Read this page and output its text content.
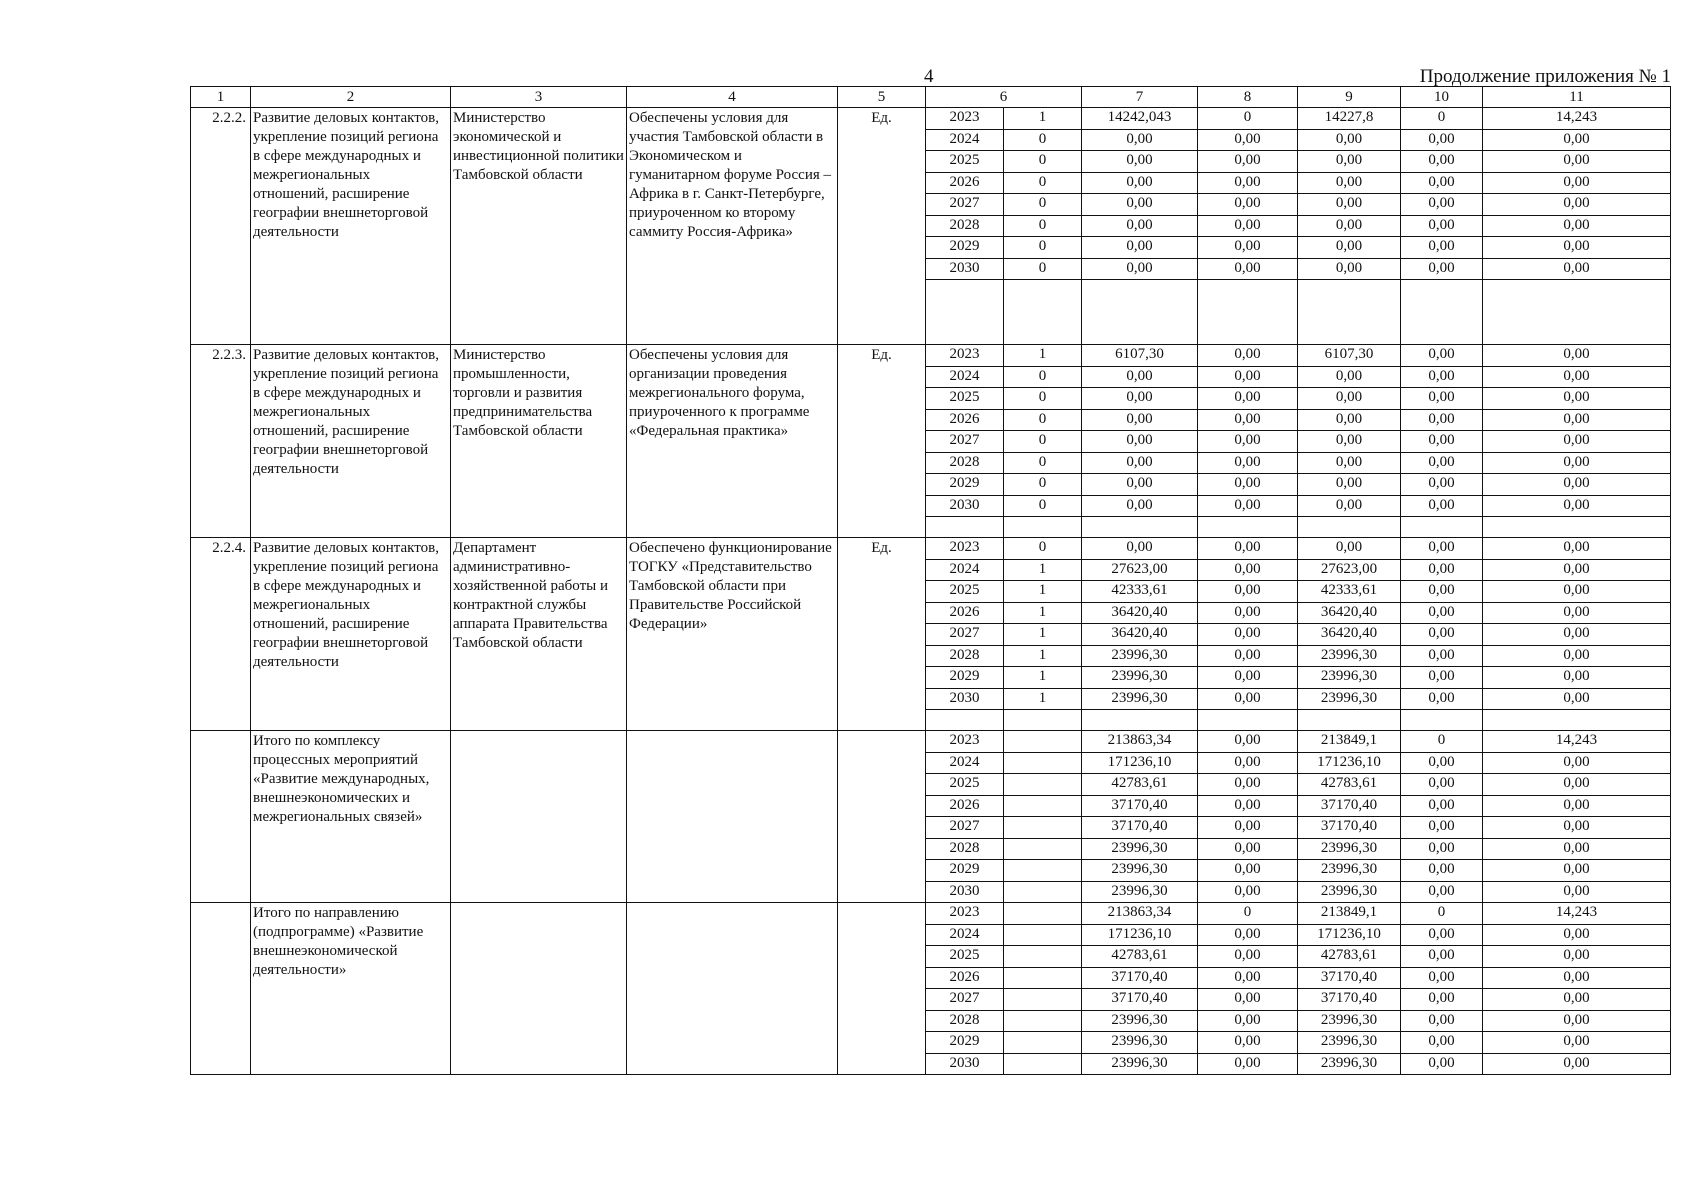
4	Продолжение приложения № 1
1	2	3	4	5	6		7	8	9	10	11
2.2.2.	Развитие деловых контактов, укрепление позиций региона в сфере международных и межрегиональных отношений, расширение географии внешнеторговой деятельности	Министерство экономической и инвестиционной политики Тамбовской области	Обеспечены условия для участия Тамбовской области в Экономическом и гуманитарном форуме Россия – Африка в г. Санкт-Петербурге, приуроченном ко второму саммиту Россия-Африка»	Ед.	2023	1	14242,043	0	14227,8	0	14,243
					2024	0	0,00	0,00	0,00	0,00	0,00
					2025	0	0,00	0,00	0,00	0,00	0,00
					2026	0	0,00	0,00	0,00	0,00	0,00
					2027	0	0,00	0,00	0,00	0,00	0,00
					2028	0	0,00	0,00	0,00	0,00	0,00
					2029	0	0,00	0,00	0,00	0,00	0,00
					2030	0	0,00	0,00	0,00	0,00	0,00

2.2.3.	Развитие деловых контактов, укрепление позиций региона в сфере международных и межрегиональных отношений, расширение географии внешнеторговой деятельности	Министерство промышленности, торговли и развития предпринимательства Тамбовской области	Обеспечены условия для организации проведения межрегионального форума, приуроченного к программе «Федеральная практика»	Ед.	2023	1	6107,30	0,00	6107,30	0,00	0,00
					2024	0	0,00	0,00	0,00	0,00	0,00
					2025	0	0,00	0,00	0,00	0,00	0,00
					2026	0	0,00	0,00	0,00	0,00	0,00
					2027	0	0,00	0,00	0,00	0,00	0,00
					2028	0	0,00	0,00	0,00	0,00	0,00
					2029	0	0,00	0,00	0,00	0,00	0,00
					2030	0	0,00	0,00	0,00	0,00	0,00

2.2.4.	Развитие деловых контактов, укрепление позиций региона в сфере международных и межрегиональных отношений, расширение географии внешнеторговой деятельности	Департамент административно-хозяйственной работы и контрактной службы аппарата Правительства Тамбовской области	Обеспечено функционирование ТОГКУ «Представительство Тамбовской области при Правительстве Российской Федерации»	Ед.	2023	0	0,00	0,00	0,00	0,00	0,00
					2024	1	27623,00	0,00	27623,00	0,00	0,00
					2025	1	42333,61	0,00	42333,61	0,00	0,00
					2026	1	36420,40	0,00	36420,40	0,00	0,00
					2027	1	36420,40	0,00	36420,40	0,00	0,00
					2028	1	23996,30	0,00	23996,30	0,00	0,00
					2029	1	23996,30	0,00	23996,30	0,00	0,00
					2030	1	23996,30	0,00	23996,30	0,00	0,00

	Итого по комплексу процессных мероприятий «Развитие международных, внешнеэкономических и межрегиональных связей»				2023		213863,34	0,00	213849,1	0	14,243
					2024		171236,10	0,00	171236,10	0,00	0,00
					2025		42783,61	0,00	42783,61	0,00	0,00
					2026		37170,40	0,00	37170,40	0,00	0,00
					2027		37170,40	0,00	37170,40	0,00	0,00
					2028		23996,30	0,00	23996,30	0,00	0,00
					2029		23996,30	0,00	23996,30	0,00	0,00
					2030		23996,30	0,00	23996,30	0,00	0,00
	Итого по направлению (подпрограмме) «Развитие внешнеэкономической деятельности»				2023		213863,34	0	213849,1	0	14,243
					2024		171236,10	0,00	171236,10	0,00	0,00
					2025		42783,61	0,00	42783,61	0,00	0,00
					2026		37170,40	0,00	37170,40	0,00	0,00
					2027		37170,40	0,00	37170,40	0,00	0,00
					2028		23996,30	0,00	23996,30	0,00	0,00
					2029		23996,30	0,00	23996,30	0,00	0,00
					2030		23996,30	0,00	23996,30	0,00	0,00
